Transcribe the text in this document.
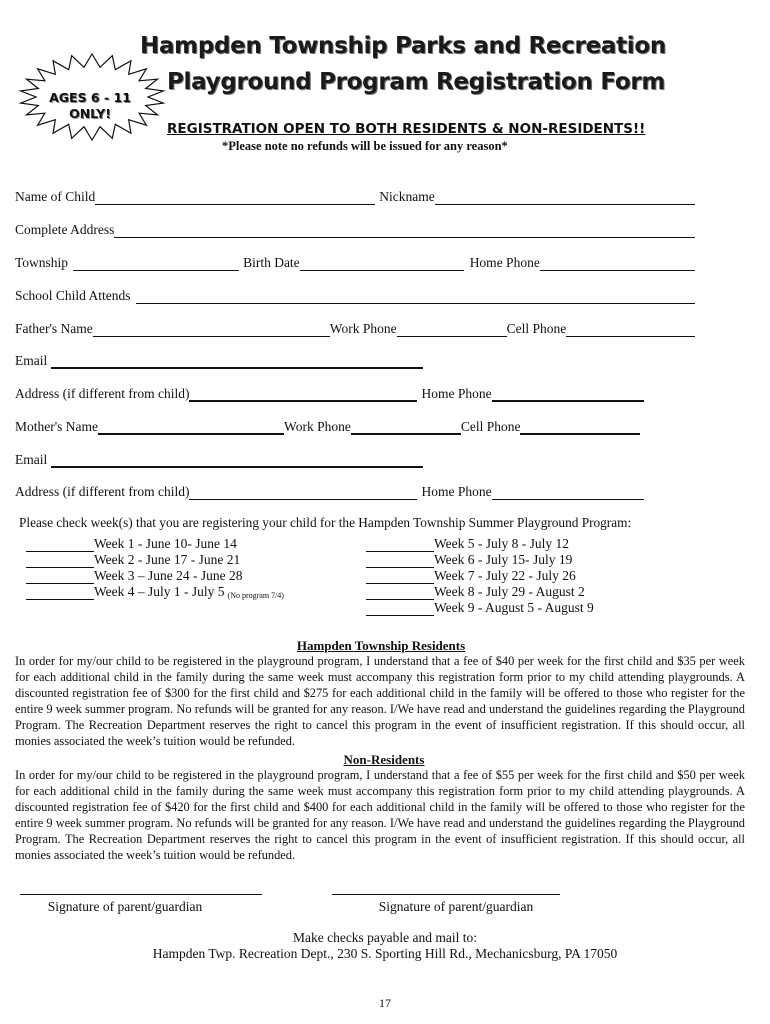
AGES 6 - 11
ONLY!
Hampden Township Parks and Recreation
Playground Program Registration Form
REGISTRATION OPEN TO BOTH RESIDENTS & NON-RESIDENTS!!
*Please note no refunds will be issued for any reason*
Name of Child	Nickname
Complete Address
Township	Birth Date	Home Phone
School Child Attends
Father's Name	Work Phone	Cell Phone
Email
Address (if different from child)	Home Phone
Mother's Name	Work Phone	Cell Phone
Email
Address (if different from child)	Home Phone
Please check week(s) that you are registering your child for the Hampden Township Summer Playground Program:
Week 1 - June 10- June 14
Week 2 - June 17 - June 21
Week 3 – June 24 - June 28
Week 4 – July 1 - July 5 (No program 7/4)
Week 5 - July 8 - July 12
Week 6 - July 15- July 19
Week 7 - July 22 - July 26
Week 8 - July 29 - August 2
Week 9 - August 5 - August 9
Hampden Township Residents
In order for my/our child to be registered in the playground program, I understand that a fee of $40 per week for the first child and $35 per week for each additional child in the family during the same week must accompany this registration form prior to my child attending playgrounds. A discounted registration fee of $300 for the first child and $275 for each additional child in the family will be offered to those who register for the entire 9 week summer program. No refunds will be granted for any reason. I/We have read and understand the guidelines regarding the Playground Program. The Recreation Department reserves the right to cancel this program in the event of insufficient registration. If this should occur, all monies associated the week’s tuition would be refunded.
Non-Residents
In order for my/our child to be registered in the playground program, I understand that a fee of $55 per week for the first child and $50 per week for each additional child in the family during the same week must accompany this registration form prior to my child attending playgrounds. A discounted registration fee of $420 for the first child and $400 for each additional child in the family will be offered to those who register for the entire 9 week summer program. No refunds will be granted for any reason. I/We have read and understand the guidelines regarding the Playground Program. The Recreation Department reserves the right to cancel this program in the event of insufficient registration. If this should occur, all monies associated the week’s tuition would be refunded.
Signature of parent/guardian	Signature of parent/guardian
Make checks payable and mail to:
Hampden Twp. Recreation Dept., 230 S. Sporting Hill Rd., Mechanicsburg, PA 17050
17
